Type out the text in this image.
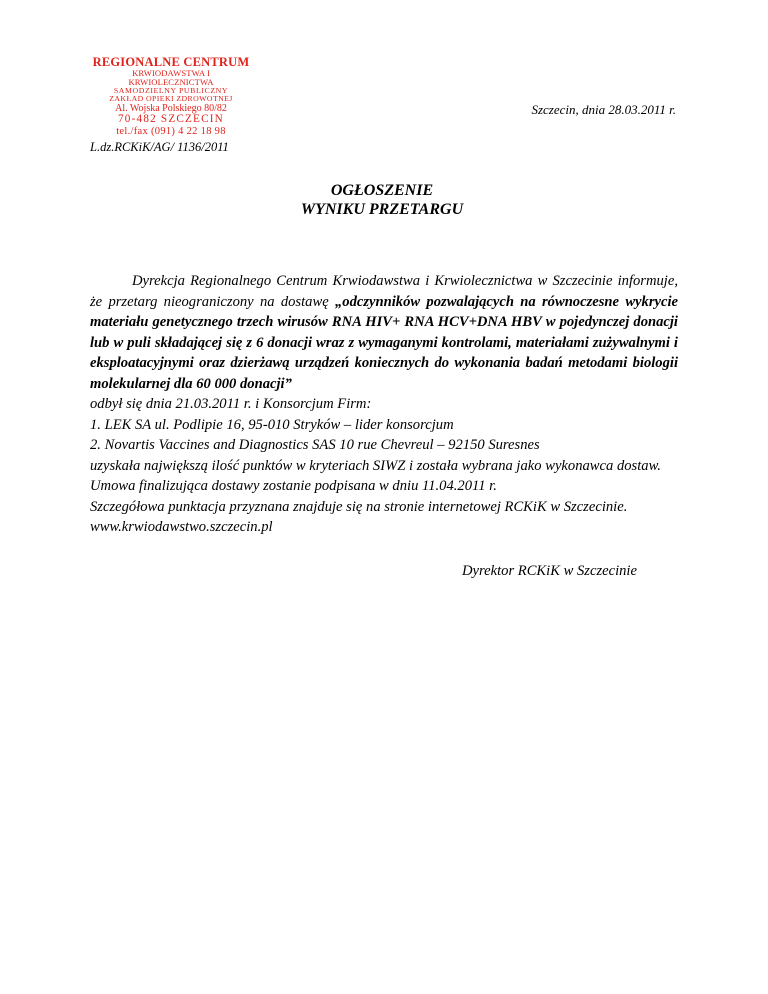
REGIONALNE CENTRUM
KRWIODAWSTWA I KRWIOLECZNICTWA
SAMODZIELNY PUBLICZNY
ZAKŁAD OPIEKI ZDROWOTNEJ
Al. Wojska Polskiego 80/82
70-482 SZCZECIN
tel./fax (091) 4 22 18 98
Szczecin, dnia 28.03.2011 r.
L.dz.RCKiK/AG/ 1136/2011
OGŁOSZENIE
WYNIKU PRZETARGU
Dyrekcja Regionalnego Centrum Krwiodawstwa i Krwiolecznictwa w Szczecinie informuje, że przetarg nieograniczony na dostawę „odczynników pozwalających na równoczesne wykrycie materiału genetycznego trzech wirusów RNA HIV+ RNA HCV+DNA HBV w pojedynczej donacji lub w puli składającej się z 6 donacji wraz z wymaganymi kontrolami, materiałami zużywalnymi i eksploatacyjnymi oraz dzierżawą urządzeń koniecznych do wykonania badań metodami biologii molekularnej dla 60 000 donacji”
odbył się dnia 21.03.2011 r. i Konsorcjum Firm:
1. LEK SA ul. Podlipie 16, 95-010 Stryków – lider konsorcjum
2. Novartis Vaccines and Diagnostics SAS 10 rue Chevreul – 92150 Suresnes
uzyskała największą ilość punktów w kryteriach SIWZ i została wybrana jako wykonawca dostaw.
Umowa finalizująca dostawy zostanie podpisana w dniu 11.04.2011 r.
Szczegółowa punktacja przyznana znajduje się na stronie internetowej RCKiK w Szczecinie.
www.krwiodawstwo.szczecin.pl
Dyrektor RCKiK w Szczecinie
